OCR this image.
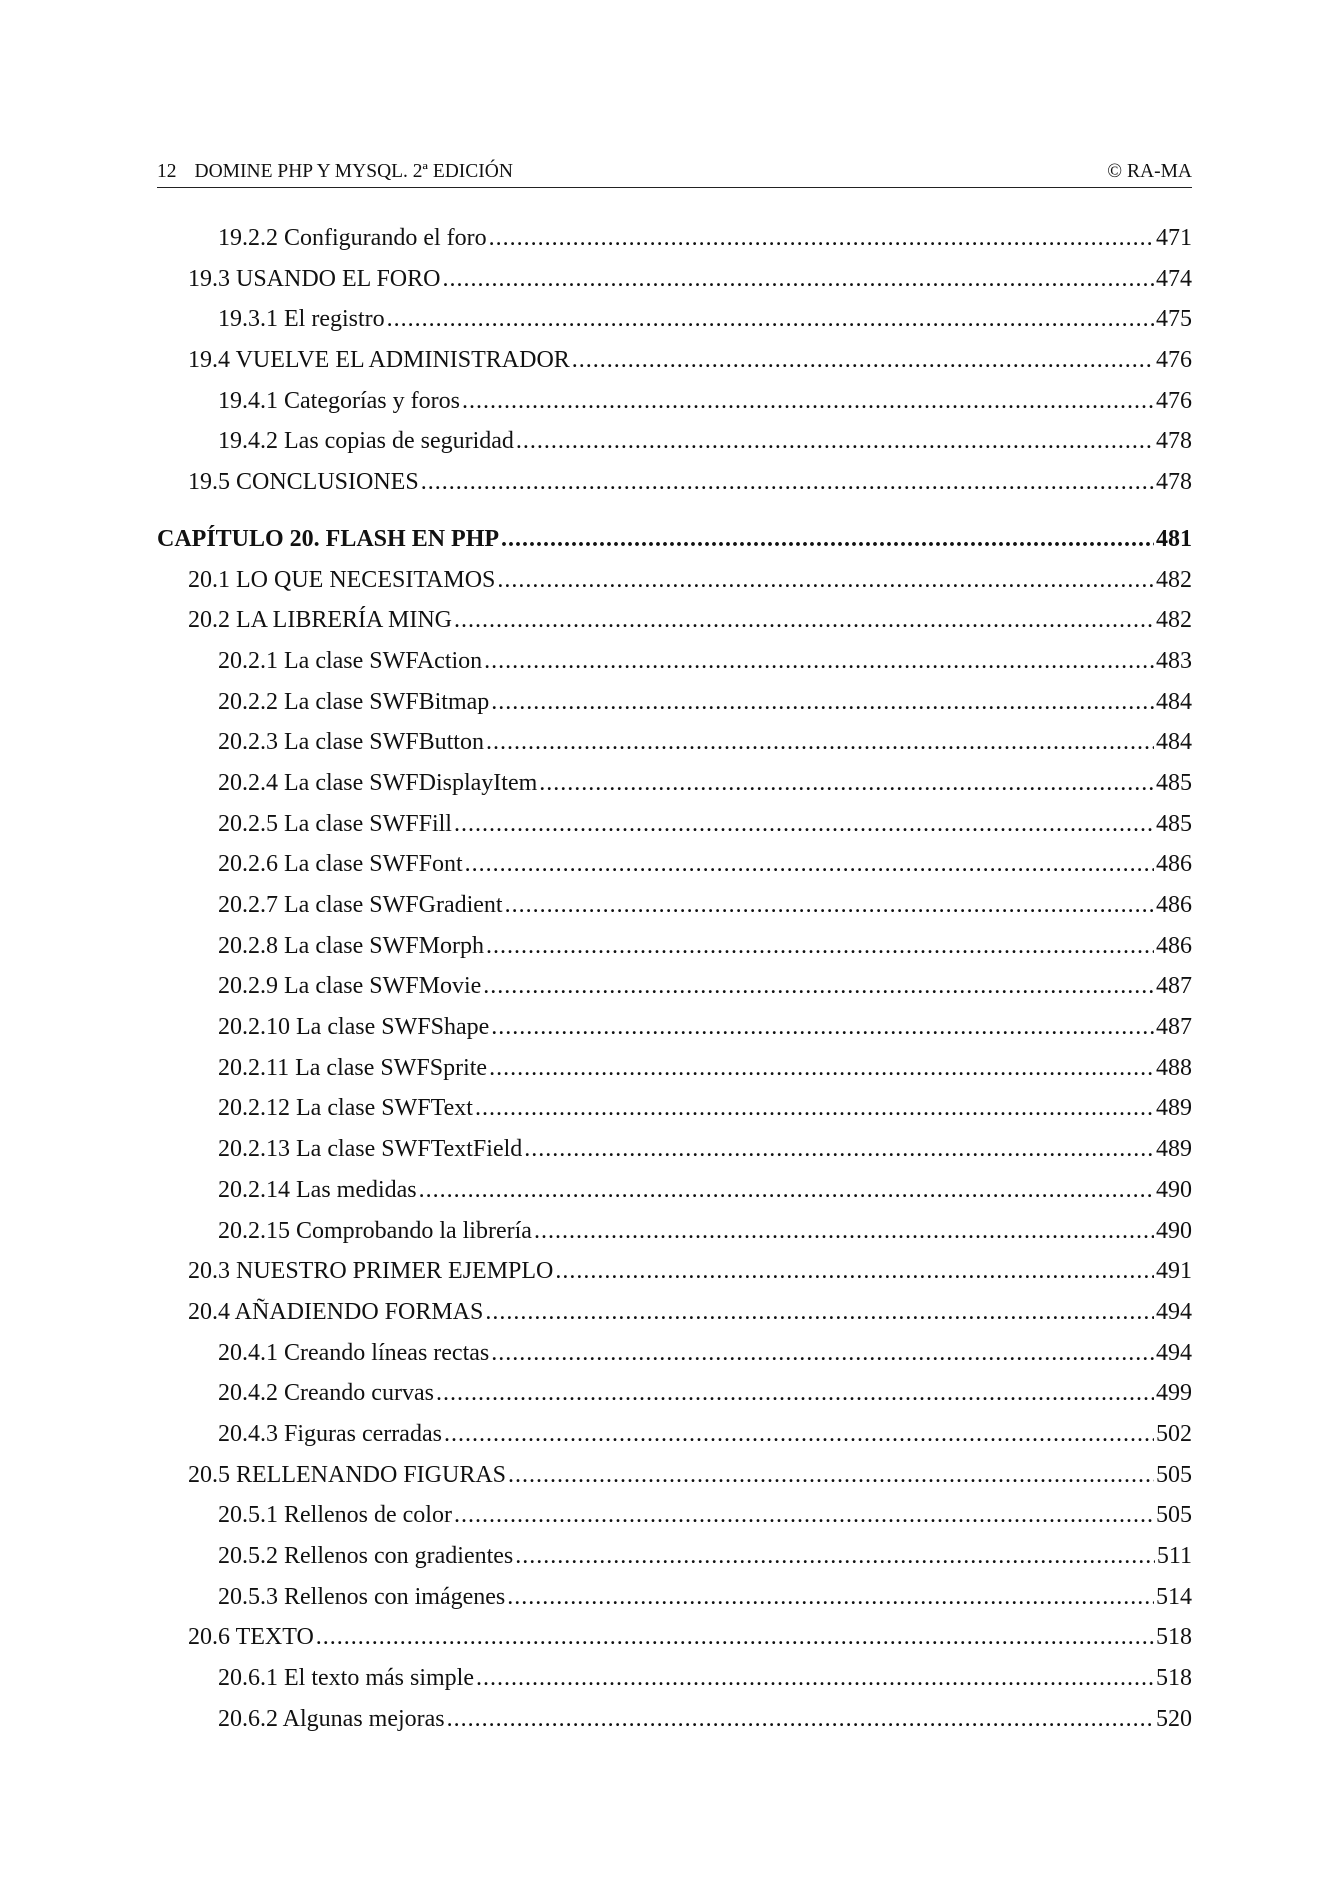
12 DOMINE PHP Y MYSQL. 2ª EDICIÓN	© RA-MA
19.2.2 Configurando el foro .....	471
19.3 USANDO EL FORO .....	474
19.3.1 El registro .....	475
19.4 VUELVE EL ADMINISTRADOR .....	476
19.4.1 Categorías y foros .....	476
19.4.2 Las copias de seguridad .....	478
19.5 CONCLUSIONES .....	478
CAPÍTULO 20. FLASH EN PHP .....	481
20.1 LO QUE NECESITAMOS .....	482
20.2 LA LIBRERÍA MING .....	482
20.2.1 La clase SWFAction .....	483
20.2.2 La clase SWFBitmap .....	484
20.2.3 La clase SWFButton .....	484
20.2.4 La clase SWFDisplayItem .....	485
20.2.5 La clase SWFFill .....	485
20.2.6 La clase SWFFont .....	486
20.2.7 La clase SWFGradient .....	486
20.2.8 La clase SWFMorph .....	486
20.2.9 La clase SWFMovie .....	487
20.2.10 La clase SWFShape .....	487
20.2.11 La clase SWFSprite .....	488
20.2.12 La clase SWFText .....	489
20.2.13 La clase SWFTextField .....	489
20.2.14 Las medidas .....	490
20.2.15 Comprobando la librería .....	490
20.3 NUESTRO PRIMER EJEMPLO .....	491
20.4 AÑADIENDO FORMAS .....	494
20.4.1 Creando líneas rectas .....	494
20.4.2 Creando curvas .....	499
20.4.3 Figuras cerradas .....	502
20.5 RELLENANDO FIGURAS .....	505
20.5.1 Rellenos de color .....	505
20.5.2 Rellenos con gradientes .....	511
20.5.3 Rellenos con imágenes .....	514
20.6 TEXTO .....	518
20.6.1 El texto más simple .....	518
20.6.2 Algunas mejoras .....	520
